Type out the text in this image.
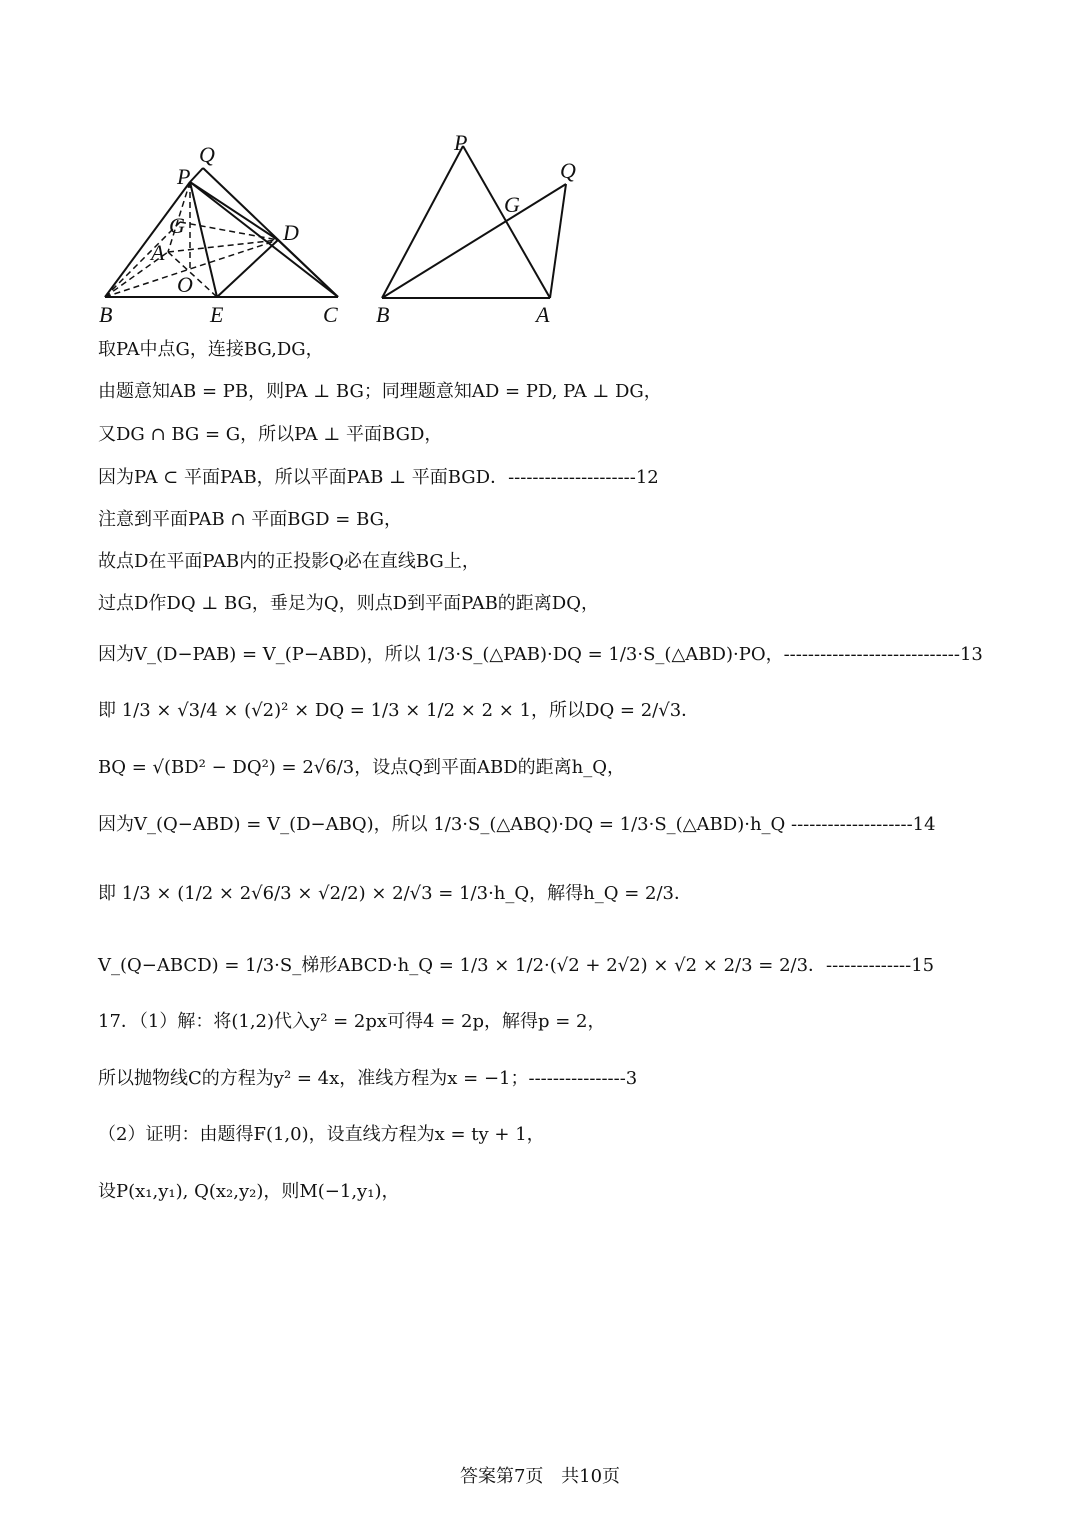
Q
P
G
A
D
O
B	E	C
P
Q
G
B	A
取PA中点G，连接BG,DG，
由题意知AB = PB，则PA ⊥ BG；同理题意知AD = PD, PA ⊥ DG，
又DG ∩ BG = G，所以PA ⊥ 平面BGD，
因为PA ⊂ 平面PAB，所以平面PAB ⊥ 平面BGD．---------------------12
注意到平面PAB ∩ 平面BGD = BG，
故点D在平面PAB内的正投影Q必在直线BG上，
过点D作DQ ⊥ BG，垂足为Q，则点D到平面PAB的距离DQ，
因为V_(D−PAB) = V_(P−ABD)，所以 1/3·S_(△PAB)·DQ = 1/3·S_(△ABD)·PO，-----------------------------13
即 1/3 × √3/4 × (√2)² × DQ = 1/3 × 1/2 × 2 × 1，所以DQ = 2/√3．
BQ = √(BD² − DQ²) = 2√6/3，设点Q到平面ABD的距离h_Q，
因为V_(Q−ABD) = V_(D−ABQ)，所以 1/3·S_(△ABQ)·DQ = 1/3·S_(△ABD)·h_Q --------------------14
即 1/3 × (1/2 × 2√6/3 × √2/2) × 2/√3 = 1/3·h_Q，解得h_Q = 2/3．
V_(Q−ABCD) = 1/3·S_梯形ABCD·h_Q = 1/3 × 1/2·(√2 + 2√2) × √2 × 2/3 = 2/3．--------------15
17．（1）解：将(1,2)代入y² = 2px可得4 = 2p，解得p = 2，
所以抛物线C的方程为y² = 4x，准线方程为x = −1；----------------3
（2）证明：由题得F(1,0)，设直线方程为x = ty + 1，
设P(x₁,y₁), Q(x₂,y₂)，则M(−1,y₁)，
答案第7页 共10页
